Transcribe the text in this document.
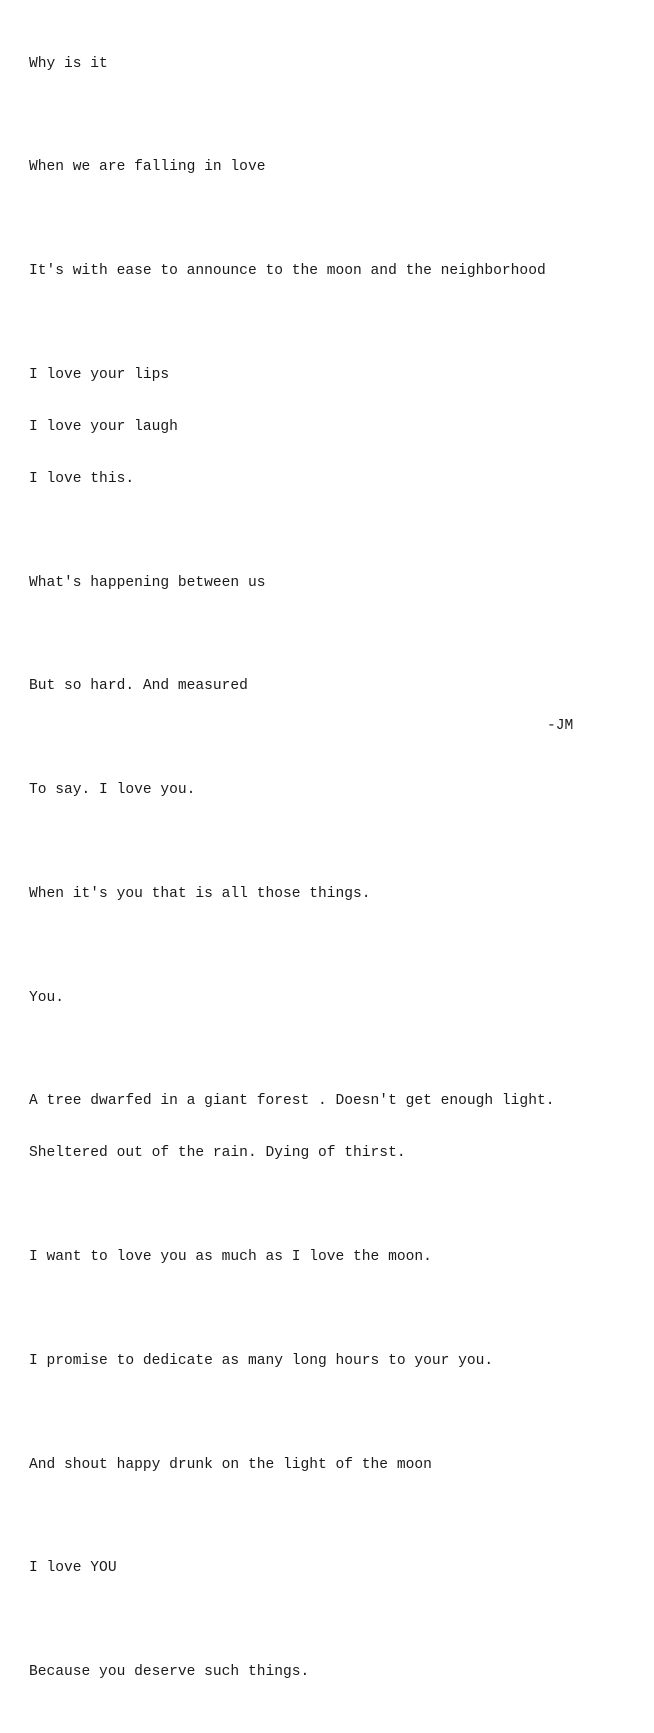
Why is it

When we are falling in love

It's with ease to announce to the moon and the neighborhood

I love your lips

I love your laugh

I love this.

What's happening between us

But so hard. And measured

To say. I love you.

When it's you that is all those things.

You.

A tree dwarfed in a giant forest . Doesn't get enough light.

Sheltered out of the rain. Dying of thirst.

I want to love you as much as I love the moon.

I promise to dedicate as many long hours to your you.

And shout happy drunk on the light of the moon

I love YOU

Because you deserve such things.

-JM
